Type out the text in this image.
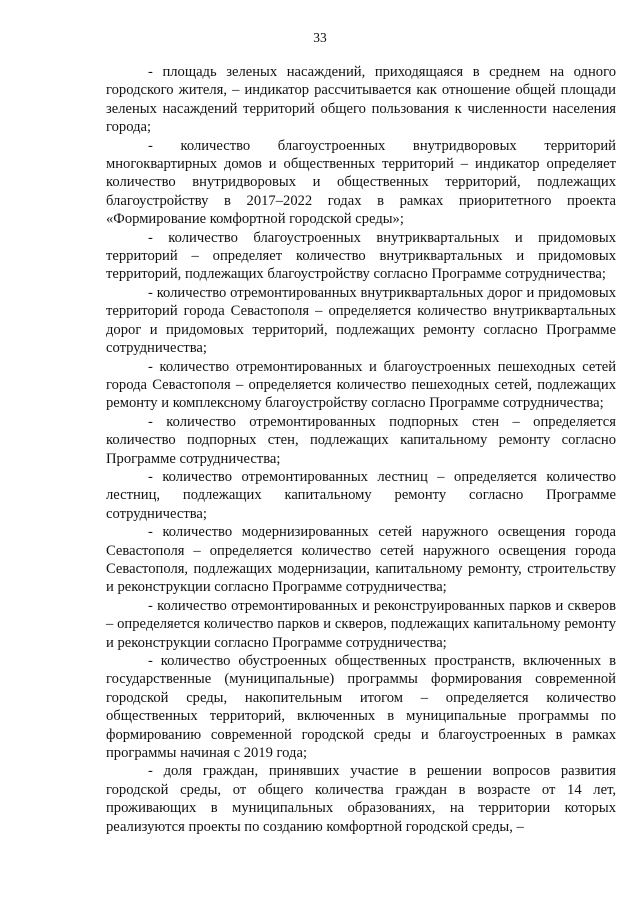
33

- площадь зеленых насаждений, приходящаяся в среднем на одного городского жителя, – индикатор рассчитывается как отношение общей площади зеленых насаждений территорий общего пользования к численности населения города;

- количество благоустроенных внутридворовых территорий многоквартирных домов и общественных территорий – индикатор определяет количество внутридворовых и общественных территорий, подлежащих благоустройству в 2017–2022 годах в рамках приоритетного проекта «Формирование комфортной городской среды»;

- количество благоустроенных внутриквартальных и придомовых территорий – определяет количество внутриквартальных и придомовых территорий, подлежащих благоустройству согласно Программе сотрудничества;

- количество отремонтированных внутриквартальных дорог и придомовых территорий города Севастополя – определяется количество внутриквартальных дорог и придомовых территорий, подлежащих ремонту согласно Программе сотрудничества;

- количество отремонтированных и благоустроенных пешеходных сетей города Севастополя – определяется количество пешеходных сетей, подлежащих ремонту и комплексному благоустройству согласно Программе сотрудничества;

- количество отремонтированных подпорных стен – определяется количество подпорных стен, подлежащих капитальному ремонту согласно Программе сотрудничества;

- количество отремонтированных лестниц – определяется количество лестниц, подлежащих капитальному ремонту согласно Программе сотрудничества;

- количество модернизированных сетей наружного освещения города Севастополя – определяется количество сетей наружного освещения города Севастополя, подлежащих модернизации, капитальному ремонту, строительству и реконструкции согласно Программе сотрудничества;

- количество отремонтированных и реконструированных парков и скверов – определяется количество парков и скверов, подлежащих капитальному ремонту и реконструкции согласно Программе сотрудничества;

- количество обустроенных общественных пространств, включенных в государственные (муниципальные) программы формирования современной городской среды, накопительным итогом – определяется количество общественных территорий, включенных в муниципальные программы по формированию современной городской среды и благоустроенных в рамках программы начиная с 2019 года;

- доля граждан, принявших участие в решении вопросов развития городской среды, от общего количества граждан в возрасте от 14 лет, проживающих в муниципальных образованиях, на территории которых реализуются проекты по созданию комфортной городской среды, –
